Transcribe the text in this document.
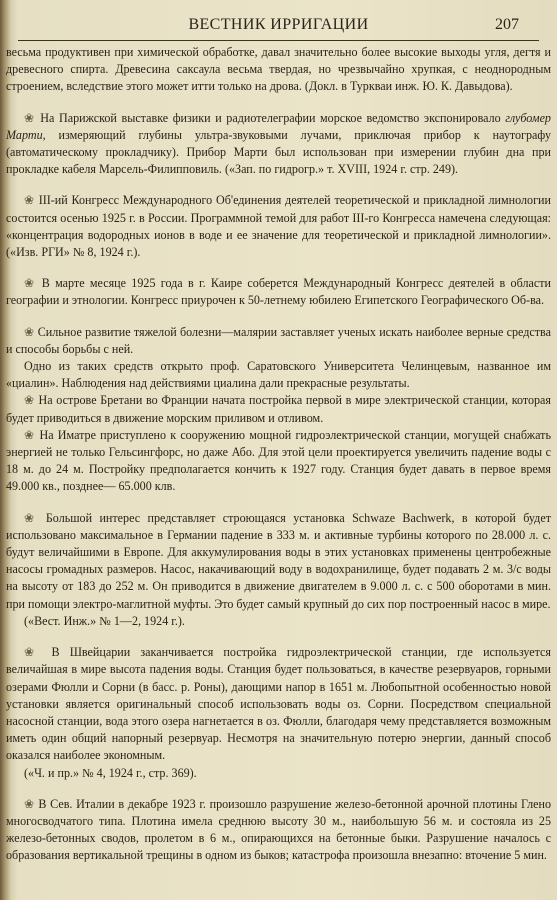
ВЕСТНИК ИРРИГАЦИИ	207

весьма продуктивен при химической обработке, давал значительно более высокие выходы угля, дегтя и древесного спирта. Древесина саксаула весьма твердая, но чрезвычайно хрупкая, с неоднородным строением, вследствие этого может итти только на дрова. (Докл. в Туркваи инж. Ю. К. Давыдова).

❀ На Парижской выставке физики и радиотелеграфии морское ведомство экспонировало глубомер Марти, измеряющий глубины ультра-звуковыми лучами, приключая прибор к наутографу (автоматическому прокладчику). Прибор Марти был использован при измерении глубин дна при прокладке кабеля Марсель-Филипповиль. («Зап. по гидрогр.» т. XVIII, 1924 г. стр. 249).

❀ III-ий Конгресс Международного Об'единения деятелей теоретической и прикладной лимнологии состоится осенью 1925 г. в России. Программной темой для работ III-го Конгресса намечена следующая: «концентрация водородных ионов в воде и ее значение для теоретической и прикладной лимнологии». («Изв. РГИ» № 8, 1924 г.).

❀ В марте месяце 1925 года в г. Каире соберется Международный Конгресс деятелей в области географии и этнологии. Конгресс приурочен к 50-летнему юбилею Египетского Географического Об-ва.

❀ Сильное развитие тяжелой болезни—малярии заставляет ученых искать наиболее верные средства и способы борьбы с ней.

Одно из таких средств открыто проф. Саратовского Университета Челинцевым, названное им «циалин». Наблюдения над действиями циалина дали прекрасные результаты.

❀ На острове Бретани во Франции начата постройка первой в мире электрической станции, которая будет приводиться в движение морским приливом и отливом.

❀ На Иматре приступлено к сооружению мощной гидроэлектрической станции, могущей снабжать энергией не только Гельсингфорс, но даже Або. Для этой цели проектируется увеличить падение воды с 18 м. до 24 м. Постройку предполагается кончить к 1927 году. Станция будет давать в первое время 49.000 кв., позднее— 65.000 клв.

❀ Большой интерес представляет строющаяся установка Schwaze Bachwerk, в которой будет использовано максимальное в Германии падение в 333 м. и активные турбины которого по 28.000 л. с. будут величайшими в Европе. Для аккумулирования воды в этих установках применены центробежные насосы громадных размеров. Насос, накачивающий воду в водохранилище, будет подавать 2 м. 3/с воды на высоту от 183 до 252 м. Он приводится в движение двигателем в 9.000 л. с. с 500 оборотами в мин. при помощи электро-маглитной муфты. Это будет самый крупный до сих пор построенный насос в мире.

(«Вест. Инж.» № 1—2, 1924 г.).

❀ В Швейцарии заканчивается постройка гидроэлектрической станции, где используется величайшая в мире высота падения воды. Станция будет пользоваться, в качестве резервуаров, горными озерами Фюлли и Сорни (в басс. р. Роны), дающими напор в 1651 м. Любопытной особенностью новой установки является оригинальный способ использовать воды оз. Сорни. Посредством специальной насосной станции, вода этого озера нагнетается в оз. Фюлли, благодаря чему представляется возможным иметь один общий напорный резервуар. Несмотря на значительную потерю энергии, данный способ оказался наиболее экономным.

(«Ч. и пр.» № 4, 1924 г., стр. 369).

❀ В Сев. Италии в декабре 1923 г. произошло разрушение железо-бетонной арочной плотины Глено многосводчатого типа. Плотина имела среднюю высоту 30 м., наибольшую 56 м. и состояла из 25 железо-бетонных сводов, пролетом в 6 м., опирающихся на бетонные быки. Разрушение началось с образования вертикальной трещины в одном из быков; катастрофа произошла внезапно: вточение 5 мин.
